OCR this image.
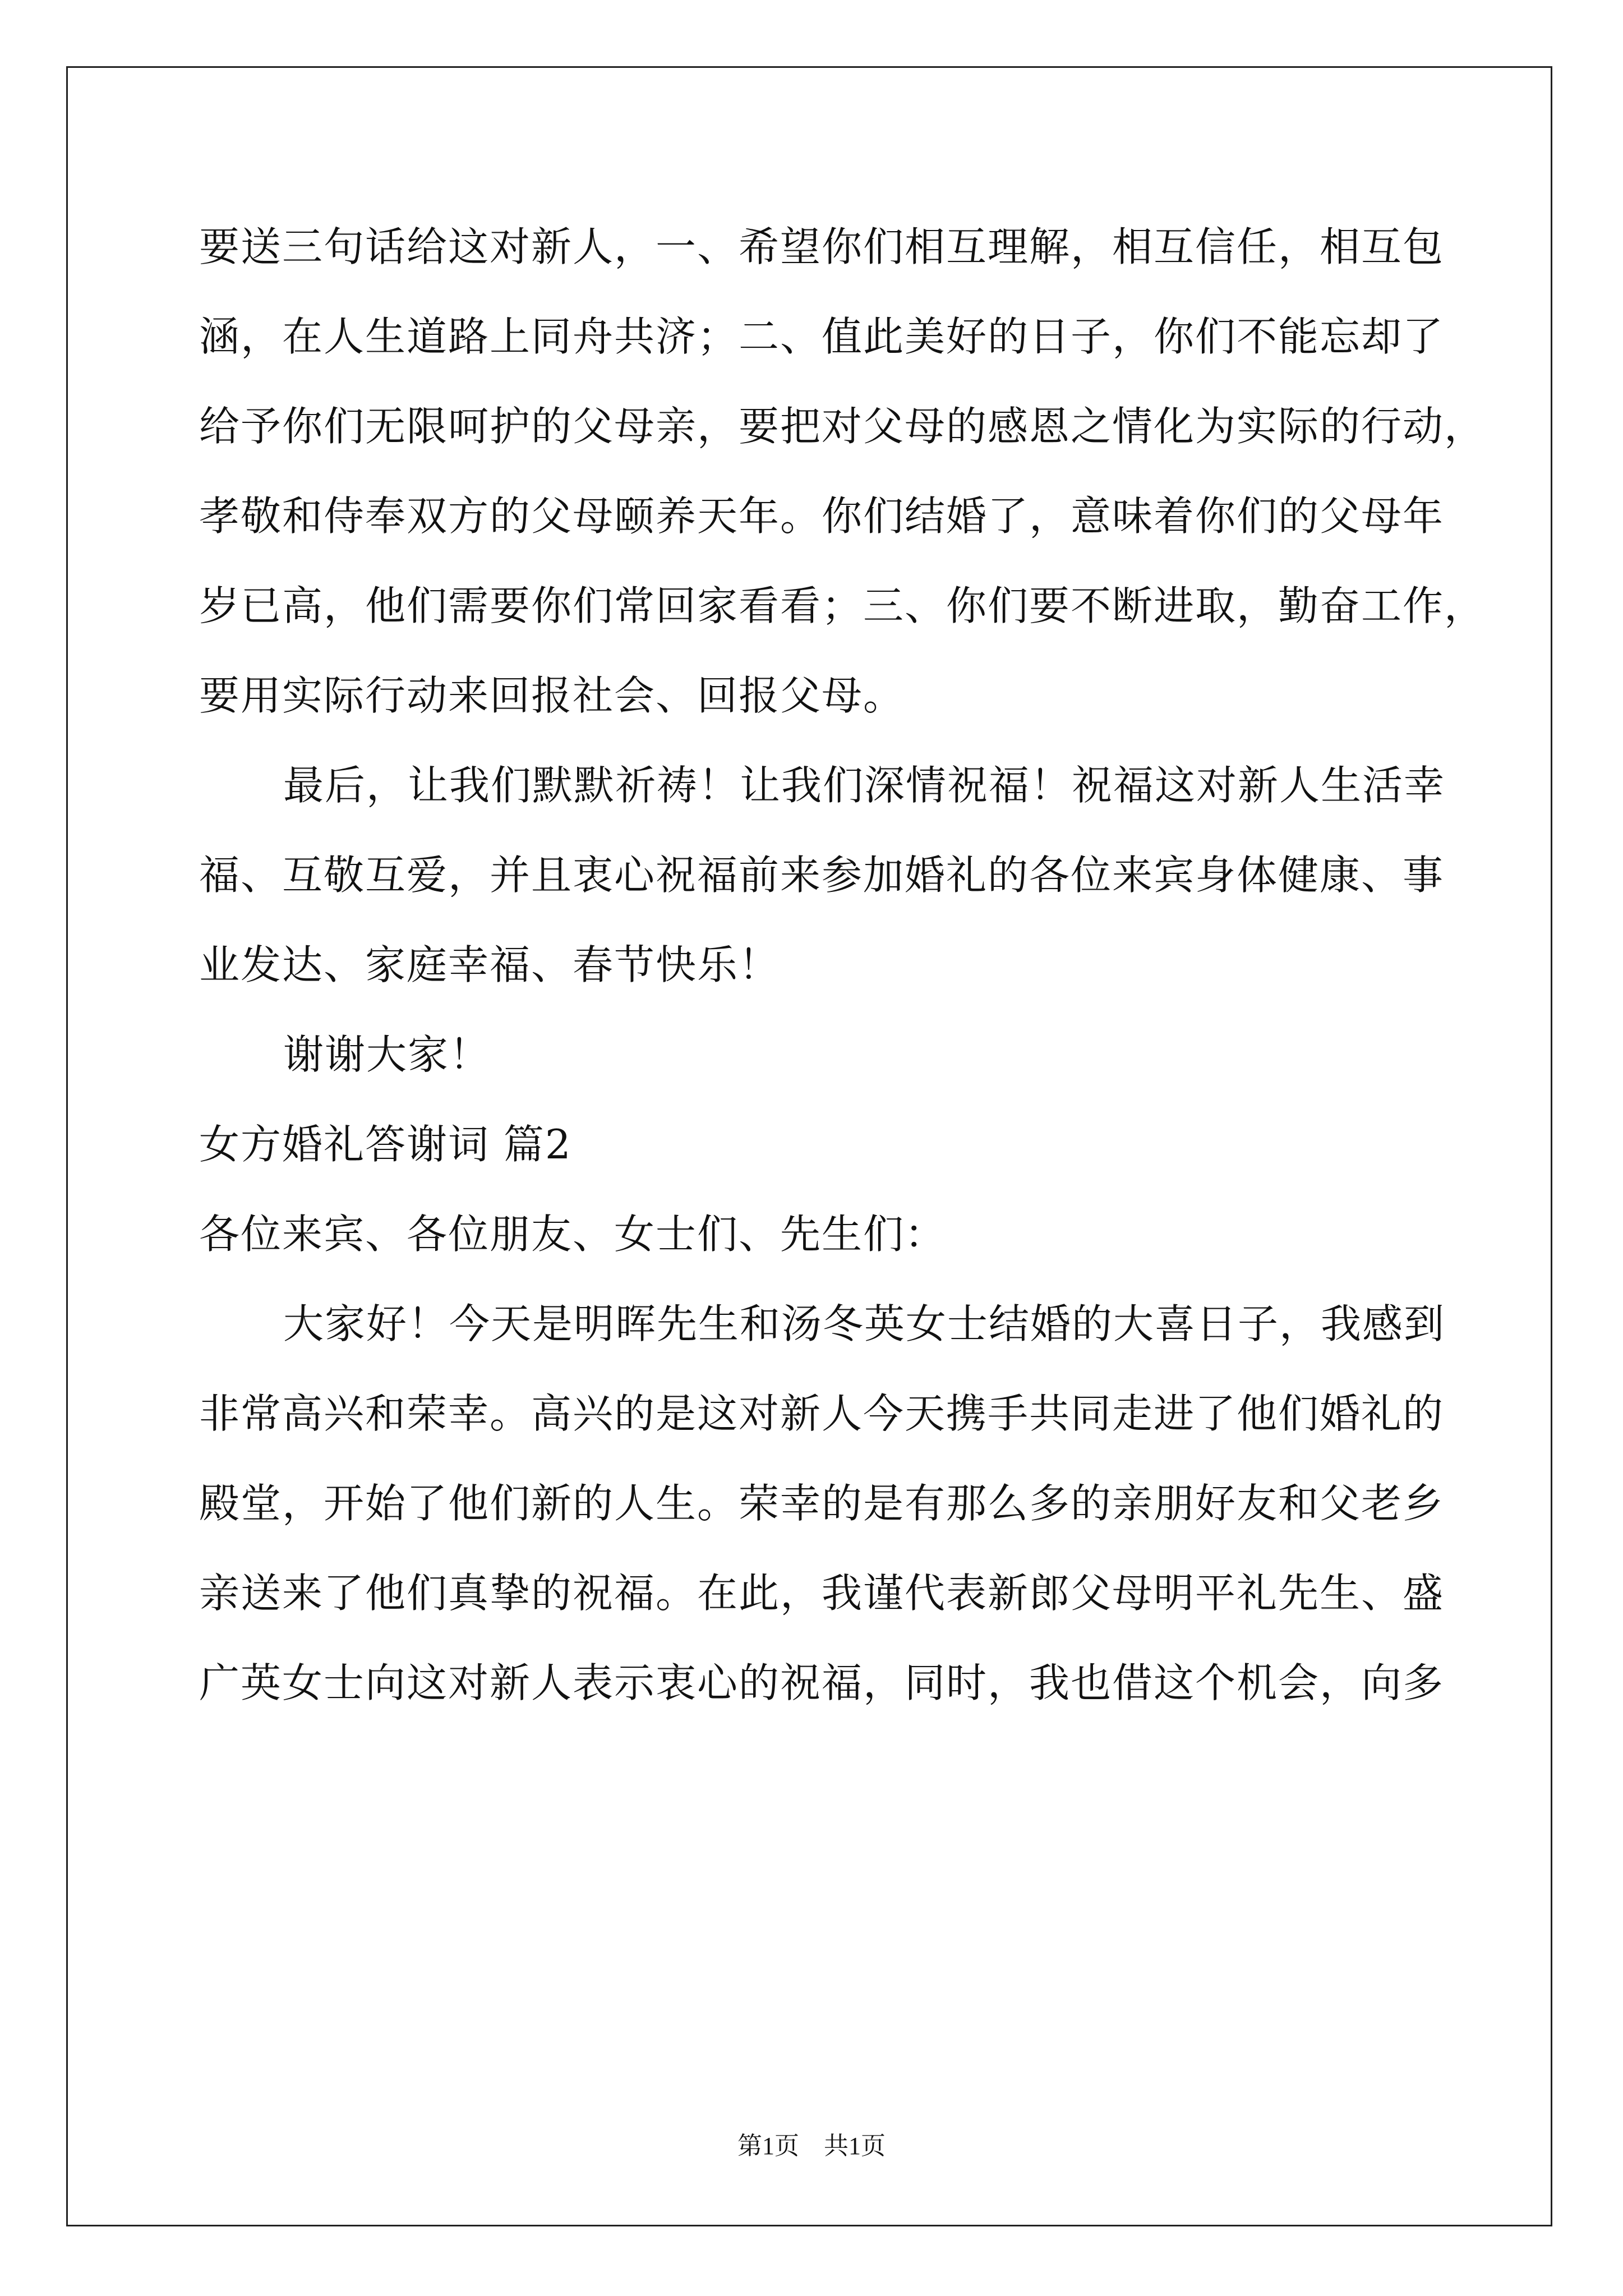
要送三句话给这对新人，一、希望你们相互理解，相互信任，相互包
涵，在人生道路上同舟共济；二、值此美好的日子，你们不能忘却了
给予你们无限呵护的父母亲，要把对父母的感恩之情化为实际的行动，
孝敬和侍奉双方的父母颐养天年。你们结婚了，意味着你们的父母年
岁已高，他们需要你们常回家看看；三、你们要不断进取，勤奋工作，
要用实际行动来回报社会、回报父母。
最后，让我们默默祈祷！让我们深情祝福！祝福这对新人生活幸
福、互敬互爱，并且衷心祝福前来参加婚礼的各位来宾身体健康、事
业发达、家庭幸福、春节快乐！
谢谢大家！
女方婚礼答谢词 篇2
各位来宾、各位朋友、女士们、先生们：
大家好！今天是明晖先生和汤冬英女士结婚的大喜日子，我感到
非常高兴和荣幸。高兴的是这对新人今天携手共同走进了他们婚礼的
殿堂，开始了他们新的人生。荣幸的是有那么多的亲朋好友和父老乡
亲送来了他们真挚的祝福。在此，我谨代表新郎父母明平礼先生、盛
广英女士向这对新人表示衷心的祝福，同时，我也借这个机会，向多
第1页　共1页
